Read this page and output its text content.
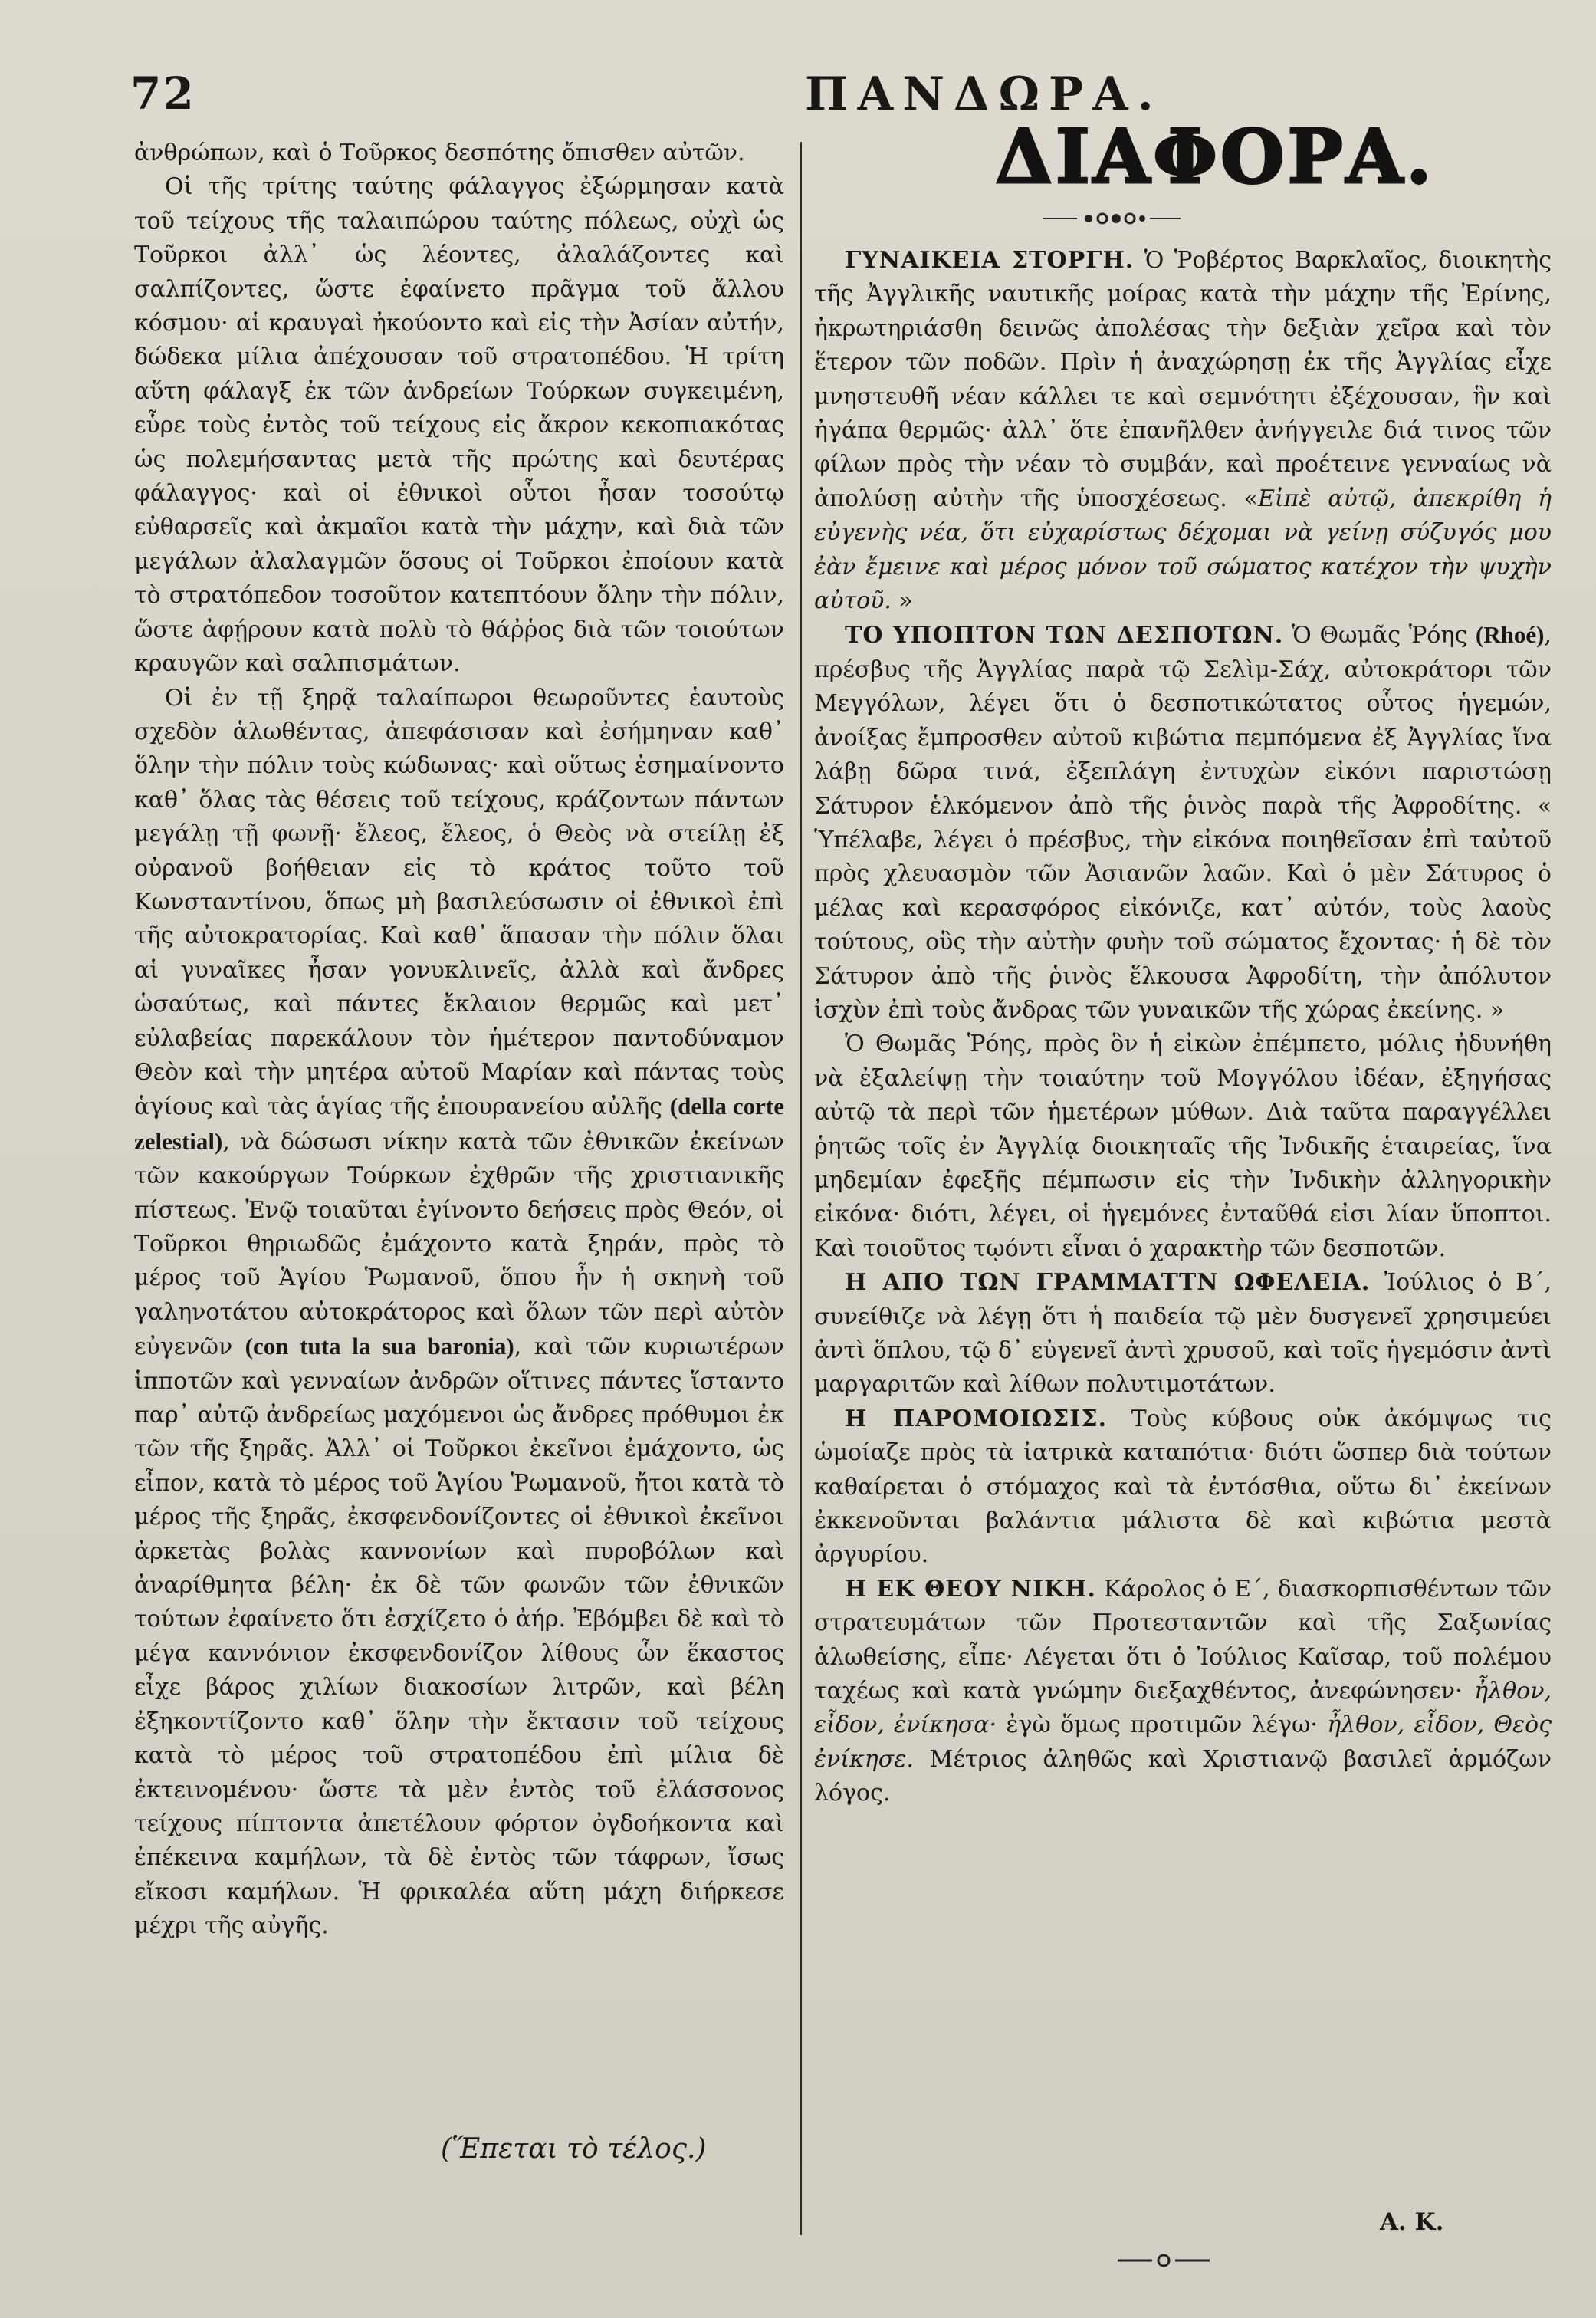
72	ΠΑΝΔΩΡΑ.

ἀνθρώπων, καὶ ὁ Τοῦρκος δεσπότης ὄπισθεν αὐτῶν.

Οἱ τῆς τρίτης ταύτης φάλαγγος ἐξώρμησαν κατὰ τοῦ τείχους τῆς ταλαιπώρου ταύτης πόλεως, οὐχὶ ὡς Τοῦρκοι ἀλλ᾽ ὡς λέοντες, ἀλαλάζοντες καὶ σαλπίζοντες, ὥστε ἐφαίνετο πρᾶγμα τοῦ ἄλλου κόσμου· αἱ κραυγαὶ ἠκούοντο καὶ εἰς τὴν Ἀσίαν αὐτήν, δώδεκα μίλια ἀπέχουσαν τοῦ στρατοπέδου. Ἡ τρίτη αὕτη φάλαγξ ἐκ τῶν ἀνδρείων Τούρκων συγκειμένη, εὗρε τοὺς ἐντὸς τοῦ τείχους εἰς ἄκρον κεκοπιακότας ὡς πολεμήσαντας μετὰ τῆς πρώτης καὶ δευτέρας φάλαγγος· καὶ οἱ ἐθνικοὶ οὗτοι ἦσαν τοσούτῳ εὐθαρσεῖς καὶ ἀκμαῖοι κατὰ τὴν μάχην, καὶ διὰ τῶν μεγάλων ἀλαλαγμῶν ὅσους οἱ Τοῦρκοι ἐποίουν κατὰ τὸ στρατόπεδον τοσοῦτον κατεπτόουν ὅλην τὴν πόλιν, ὥστε ἀφῄρουν κατὰ πολὺ τὸ θάῤῥος διὰ τῶν τοιούτων κραυγῶν καὶ σαλπισμάτων.

Οἱ ἐν τῇ ξηρᾷ ταλαίπωροι θεωροῦντες ἑαυτοὺς σχεδὸν ἁλωθέντας, ἀπεφάσισαν καὶ ἐσήμηναν καθ᾽ ὅλην τὴν πόλιν τοὺς κώδωνας· καὶ οὕτως ἐσημαίνοντο καθ᾽ ὅλας τὰς θέσεις τοῦ τείχους, κράζοντων πάντων μεγάλῃ τῇ φωνῇ· ἔλεος, ἔλεος, ὁ Θεὸς νὰ στείλῃ ἐξ οὐρανοῦ βοήθειαν εἰς τὸ κράτος τοῦτο τοῦ Κωνσταντίνου, ὅπως μὴ βασιλεύσωσιν οἱ ἐθνικοὶ ἐπὶ τῆς αὐτοκρατορίας. Καὶ καθ᾽ ἅπασαν τὴν πόλιν ὅλαι αἱ γυναῖκες ἦσαν γονυκλινεῖς, ἀλλὰ καὶ ἄνδρες ὡσαύτως, καὶ πάντες ἔκλαιον θερμῶς καὶ μετ᾽ εὐλαβείας παρεκάλουν τὸν ἡμέτερον παντοδύναμον Θεὸν καὶ τὴν μητέρα αὐτοῦ Μαρίαν καὶ πάντας τοὺς ἁγίους καὶ τὰς ἁγίας τῆς ἐπουρανείου αὐλῆς (della corte zelestial), νὰ δώσωσι νίκην κατὰ τῶν ἐθνικῶν ἐκείνων τῶν κακούργων Τούρκων ἐχθρῶν τῆς χριστιανικῆς πίστεως. Ἐνῷ τοιαῦται ἐγίνοντο δεήσεις πρὸς Θεόν, οἱ Τοῦρκοι θηριωδῶς ἐμάχοντο κατὰ ξηράν, πρὸς τὸ μέρος τοῦ Ἁγίου Ῥωμανοῦ, ὅπου ἦν ἡ σκηνὴ τοῦ γαληνοτάτου αὐτοκράτορος καὶ ὅλων τῶν περὶ αὐτὸν εὐγενῶν (con tuta la sua baronia), καὶ τῶν κυριωτέρων ἱπποτῶν καὶ γενναίων ἀνδρῶν οἵτινες πάντες ἵσταντο παρ᾽ αὐτῷ ἀνδρείως μαχόμενοι ὡς ἄνδρες πρόθυμοι ἐκ τῶν τῆς ξηρᾶς. Ἀλλ᾽ οἱ Τοῦρκοι ἐκεῖνοι ἐμάχοντο, ὡς εἶπον, κατὰ τὸ μέρος τοῦ Ἁγίου Ῥωμανοῦ, ἤτοι κατὰ τὸ μέρος τῆς ξηρᾶς, ἐκσφενδονίζοντες οἱ ἐθνικοὶ ἐκεῖνοι ἀρκετὰς βολὰς καννονίων καὶ πυροβόλων καὶ ἀναρίθμητα βέλη· ἐκ δὲ τῶν φωνῶν τῶν ἐθνικῶν τούτων ἐφαίνετο ὅτι ἐσχίζετο ὁ ἀήρ. Ἐβόμβει δὲ καὶ τὸ μέγα καννόνιον ἐκσφενδονίζον λίθους ὧν ἕκαστος εἶχε βάρος χιλίων διακοσίων λιτρῶν, καὶ βέλη ἐξηκοντίζοντο καθ᾽ ὅλην τὴν ἔκτασιν τοῦ τείχους κατὰ τὸ μέρος τοῦ στρατοπέδου ἐπὶ μίλια δὲ ἐκτεινομένου· ὥστε τὰ μὲν ἐντὸς τοῦ ἐλάσσονος τείχους πίπτοντα ἀπετέλουν φόρτον ὀγδοήκοντα καὶ ἐπέκεινα καμήλων, τὰ δὲ ἐντὸς τῶν τάφρων, ἴσως εἴκοσι καμήλων. Ἡ φρικαλέα αὕτη μάχη διήρκεσε μέχρι τῆς αὐγῆς.

(Ἕπεται τὸ τέλος.)
ΔΙΑΦΟΡΑ.

ΓΥΝΑΙΚΕΙΑ ΣΤΟΡΓΗ. Ὁ Ῥοβέρτος Βαρκλαῖος, διοικητὴς τῆς Ἀγγλικῆς ναυτικῆς μοίρας κατὰ τὴν μάχην τῆς Ἐρίνης, ἠκρωτηριάσθη δεινῶς ἀπολέσας τὴν δεξιὰν χεῖρα καὶ τὸν ἕτερον τῶν ποδῶν. Πρὶν ἡ ἀναχώρησῃ ἐκ τῆς Ἀγγλίας εἶχε μνηστευθῆ νέαν κάλλει τε καὶ σεμνότητι ἐξέχουσαν, ἣν καὶ ἠγάπα θερμῶς· ἀλλ᾽ ὅτε ἐπανῆλθεν ἀνήγγειλε διά τινος τῶν φίλων πρὸς τὴν νέαν τὸ συμβάν, καὶ προέτεινε γενναίως νὰ ἀπολύσῃ αὐτὴν τῆς ὑποσχέσεως. «Εἰπὲ αὐτῷ, ἀπεκρίθη ἡ εὐγενὴς νέα, ὅτι εὐχαρίστως δέχομαι νὰ γείνῃ σύζυγός μου ἐὰν ἔμεινε καὶ μέρος μόνον τοῦ σώματος κατέχον τὴν ψυχὴν αὐτοῦ. »

ΤΟ ΥΠΟΠΤΟΝ ΤΩΝ ΔΕΣΠΟΤΩΝ. Ὁ Θωμᾶς Ῥόης (Rhoé), πρέσβυς τῆς Ἀγγλίας παρὰ τῷ Σελὶμ-Σάχ, αὐτοκράτορι τῶν Μεγγόλων, λέγει ὅτι ὁ δεσποτικώτατος οὗτος ἡγεμών, ἀνοίξας ἔμπροσθεν αὐτοῦ κιβώτια πεμπόμενα ἐξ Ἀγγλίας ἵνα λάβῃ δῶρα τινά, ἐξεπλάγη ἐντυχὼν εἰκόνι παριστώσῃ Σάτυρον ἑλκόμενον ἀπὸ τῆς ῥινὸς παρὰ τῆς Ἀφροδίτης. « Ὑπέλαβε, λέγει ὁ πρέσβυς, τὴν εἰκόνα ποιηθεῖσαν ἐπὶ ταὐτοῦ πρὸς χλευασμὸν τῶν Ἀσιανῶν λαῶν. Καὶ ὁ μὲν Σάτυρος ὁ μέλας καὶ κερασφόρος εἰκόνιζε, κατ᾽ αὐτόν, τοὺς λαοὺς τούτους, οὓς τὴν αὐτὴν φυὴν τοῦ σώματος ἔχοντας· ἡ δὲ τὸν Σάτυρον ἀπὸ τῆς ῥινὸς ἕλκουσα Ἀφροδίτη, τὴν ἀπόλυτον ἰσχὺν ἐπὶ τοὺς ἄνδρας τῶν γυναικῶν τῆς χώρας ἐκείνης. »

Ὁ Θωμᾶς Ῥόης, πρὸς ὃν ἡ εἰκὼν ἐπέμπετο, μόλις ἠδυνήθη νὰ ἐξαλείψῃ τὴν τοιαύτην τοῦ Μογγόλου ἰδέαν, ἐξηγήσας αὐτῷ τὰ περὶ τῶν ἡμετέρων μύθων. Διὰ ταῦτα παραγγέλλει ῥητῶς τοῖς ἐν Ἀγγλίᾳ διοικηταῖς τῆς Ἰνδικῆς ἑταιρείας, ἵνα μηδεμίαν ἐφεξῆς πέμπωσιν εἰς τὴν Ἰνδικὴν ἀλληγορικὴν εἰκόνα· διότι, λέγει, οἱ ἡγεμόνες ἐνταῦθά εἰσι λίαν ὕποπτοι. Καὶ τοιοῦτος τῳόντι εἶναι ὁ χαρακτὴρ τῶν δεσποτῶν.

Η ΑΠΟ ΤΩΝ ΓΡΑΜΜΑΤΤΝ ΩΦΕΛΕΙΑ. Ἰούλιος ὁ Β΄, συνείθιζε νὰ λέγῃ ὅτι ἡ παιδεία τῷ μὲν δυσγενεῖ χρησιμεύει ἀντὶ ὅπλου, τῷ δ᾽ εὐγενεῖ ἀντὶ χρυσοῦ, καὶ τοῖς ἡγεμόσιν ἀντὶ μαργαριτῶν καὶ λίθων πολυτιμοτάτων.

Η ΠΑΡΟΜΟΙΩΣΙΣ. Τοὺς κύβους οὐκ ἀκόμψως τις ὡμοίαζε πρὸς τὰ ἰατρικὰ καταπότια· διότι ὥσπερ διὰ τούτων καθαίρεται ὁ στόμαχος καὶ τὰ ἐντόσθια, οὕτω δι᾽ ἐκείνων ἐκκενοῦνται βαλάντια μάλιστα δὲ καὶ κιβώτια μεστὰ ἀργυρίου.

Η ΕΚ ΘΕΟΥ ΝΙΚΗ. Κάρολος ὁ Ε΄, διασκορπισθέντων τῶν στρατευμάτων τῶν Προτεσταντῶν καὶ τῆς Σαξωνίας ἁλωθείσης, εἶπε· Λέγεται ὅτι ὁ Ἰούλιος Καῖσαρ, τοῦ πολέμου ταχέως καὶ κατὰ γνώμην διεξαχθέντος, ἀνεφώνησεν· ἦλθον, εἶδον, ἐνίκησα· ἐγὼ ὅμως προτιμῶν λέγω· ἦλθον, εἶδον, Θεὸς ἐνίκησε. Μέτριος ἀληθῶς καὶ Χριστιανῷ βασιλεῖ ἁρμόζων λόγος.

Α. Κ.
